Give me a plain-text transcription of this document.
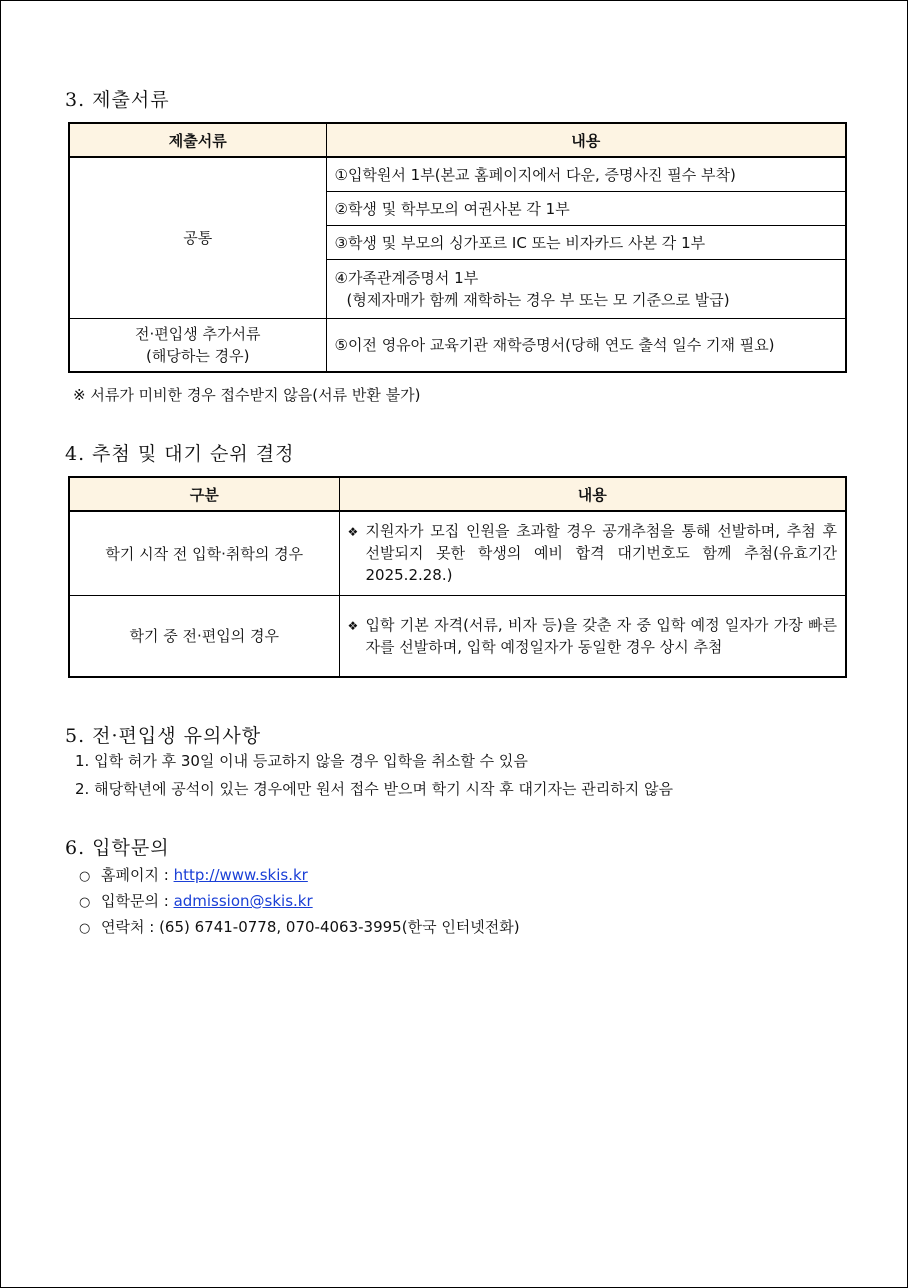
3. 제출서류
제출서류	내용
공통	①입학원서 1부(본교 홈페이지에서 다운, 증명사진 필수 부착)
	②학생 및 학부모의 여권사본 각 1부
	③학생 및 부모의 싱가포르 IC 또는 비자카드 사본 각 1부

	④가족관계증명서 1부
(형제자매가 함께 재학하는 경우 부 또는 모 기준으로 발급)

전·편입생 추가서류
(해당하는 경우)	⑤이전 영유아 교육기관 재학증명서(당해 연도 출석 일수 기재 필요)

※ 서류가 미비한 경우 접수받지 않음(서류 반환 불가)

4. 추첨 및 대기 순위 결정
구분	내용
학기 시작 전 입학·취학의 경우	❖ 지원자가 모집 인원을 초과할 경우 공개추첨을 통해 선발하며, 추첨 후 선발되지 못한 학생의 예비 합격 대기번호도 함께 추첨(유효기간 2025.2.28.)

학기 중 전·편입의 경우	❖ 입학 기본 자격(서류, 비자 등)을 갖춘 자 중 입학 예정 일자가 가장 빠른 자를 선발하며, 입학 예정일자가 동일한 경우 상시 추첨
5. 전·편입생 유의사항
1. 입학 허가 후 30일 이내 등교하지 않을 경우 입학을 취소할 수 있음
2. 해당학년에 공석이 있는 경우에만 원서 접수 받으며 학기 시작 후 대기자는 관리하지 않음
6. 입학문의
○ 홈페이지 : http://www.skis.kr
○ 입학문의 : admission@skis.kr
○ 연락처 : (65) 6741-0778, 070-4063-3995(한국 인터넷전화)
